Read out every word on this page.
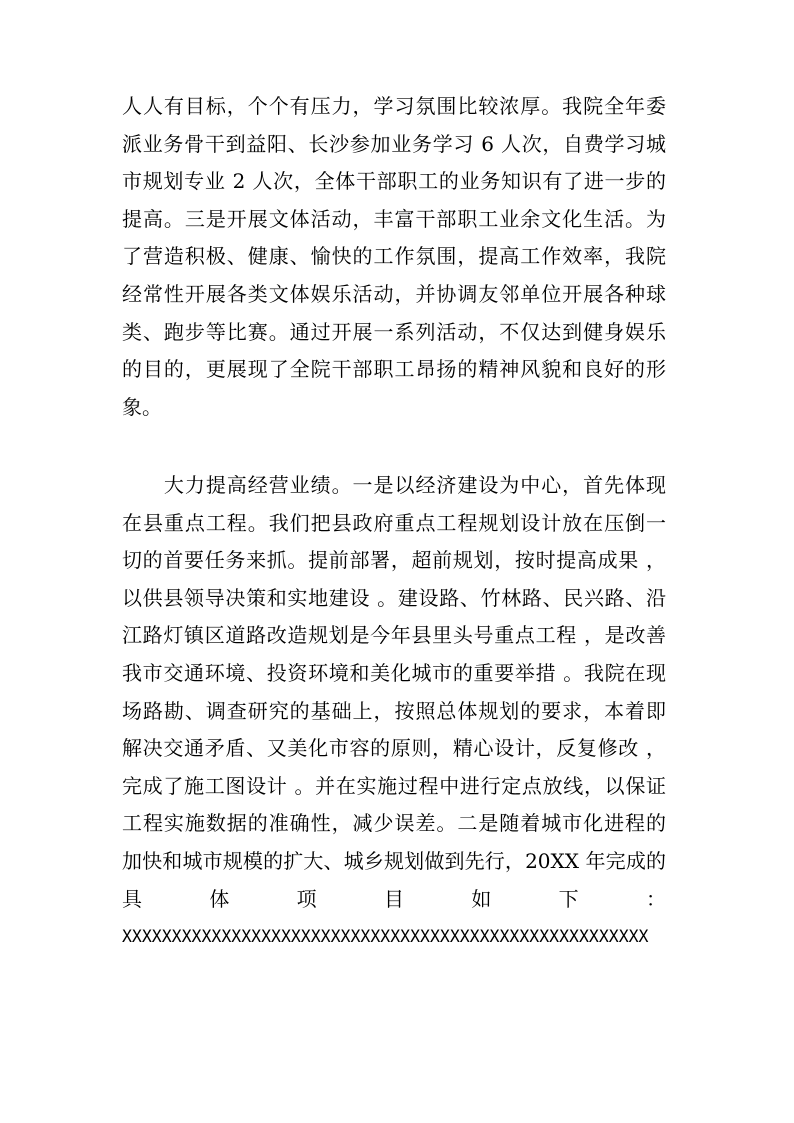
人人有目标，个个有压力，学习氛围比较浓厚。我院全年委
派业务骨干到益阳、长沙参加业务学习 6 人次，自费学习城
市规划专业 2 人次，全体干部职工的业务知识有了进一步的
提高。三是开展文体活动，丰富干部职工业余文化生活。为
了营造积极、健康、愉快的工作氛围，提高工作效率，我院
经常性开展各类文体娱乐活动，并协调友邻单位开展各种球
类、跑步等比赛。通过开展一系列活动，不仅达到健身娱乐
的目的，更展现了全院干部职工昂扬的精神风貌和良好的形
象。
　　大力提高经营业绩。一是以经济建设为中心，首先体现
在县重点工程。我们把县政府重点工程规划设计放在压倒一
切的首要任务来抓。提前部署，超前规划，按时提高成果 ，
以供县领导决策和实地建设 。建设路、竹林路、民兴路、沿
江路灯镇区道路改造规划是今年县里头号重点工程 ，是改善
我市交通环境、投资环境和美化城市的重要举措 。我院在现
场路勘、调查研究的基础上，按照总体规划的要求，本着即
解决交通矛盾、又美化市容的原则，精心设计，反复修改 ，
完成了施工图设计 。并在实施过程中进行定点放线，以保证
工程实施数据的准确性，减少误差。二是随着城市化进程的
加快和城市规模的扩大、城乡规划做到先行，20XX 年完成的
具	体	项	目	如	下	：
XXXXXXXXXXXXXXXXXXXXXXXXXXXXXXXXXXXXXXXXXXXXXXXXXXXXX
